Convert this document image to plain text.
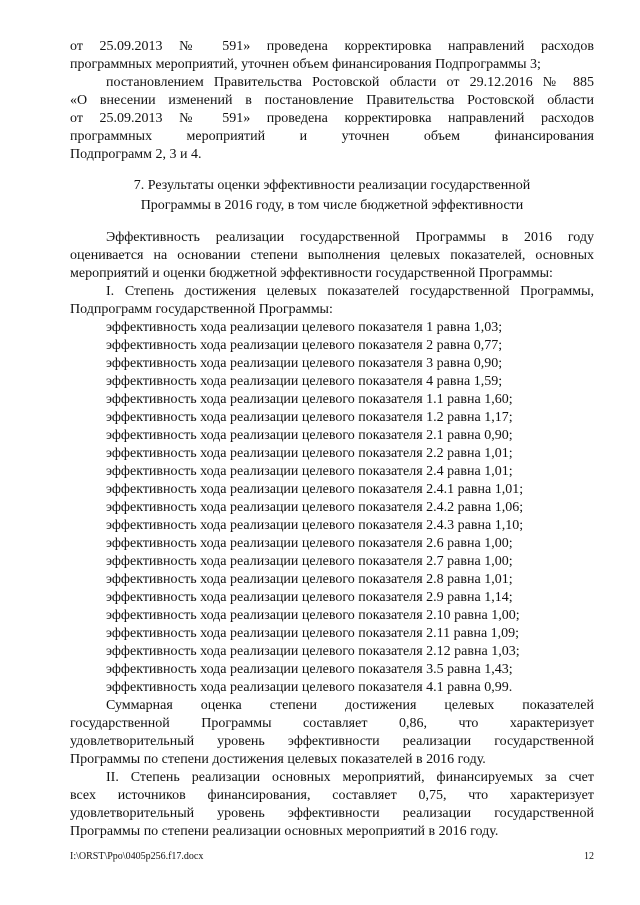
от 25.09.2013 № 591» проведена корректировка направлений расходов

программных мероприятий, уточнен объем финансирования Подпрограммы 3;

постановлением Правительства Ростовской области от 29.12.2016 № 885

«О внесении изменений в постановление Правительства Ростовской области

от 25.09.2013 № 591» проведена корректировка направлений расходов

программных мероприятий и уточнен объем финансирования

Подпрограмм 2, 3 и 4.

7. Результаты оценки эффективности реализации государственной
Программы в 2016 году, в том числе бюджетной эффективности

Эффективность реализации государственной Программы в 2016 году

оценивается на основании степени выполнения целевых показателей, основных

мероприятий и оценки бюджетной эффективности государственной Программы:

I. Степень достижения целевых показателей государственной Программы,

Подпрограмм государственной Программы:

эффективность хода реализации целевого показателя 1 равна 1,03;
эффективность хода реализации целевого показателя 2 равна 0,77;
эффективность хода реализации целевого показателя 3 равна 0,90;
эффективность хода реализации целевого показателя 4 равна 1,59;
эффективность хода реализации целевого показателя 1.1 равна 1,60;
эффективность хода реализации целевого показателя 1.2 равна 1,17;
эффективность хода реализации целевого показателя 2.1 равна 0,90;
эффективность хода реализации целевого показателя 2.2 равна 1,01;
эффективность хода реализации целевого показателя 2.4 равна 1,01;
эффективность хода реализации целевого показателя 2.4.1 равна 1,01;
эффективность хода реализации целевого показателя 2.4.2 равна 1,06;
эффективность хода реализации целевого показателя 2.4.3 равна 1,10;
эффективность хода реализации целевого показателя 2.6 равна 1,00;
эффективность хода реализации целевого показателя 2.7 равна 1,00;
эффективность хода реализации целевого показателя 2.8 равна 1,01;
эффективность хода реализации целевого показателя 2.9 равна 1,14;
эффективность хода реализации целевого показателя 2.10 равна 1,00;
эффективность хода реализации целевого показателя 2.11 равна 1,09;
эффективность хода реализации целевого показателя 2.12 равна 1,03;
эффективность хода реализации целевого показателя 3.5 равна 1,43;
эффективность хода реализации целевого показателя 4.1 равна 0,99.

Суммарная оценка степени достижения целевых показателей

государственной Программы составляет 0,86, что характеризует

удовлетворительный уровень эффективности реализации государственной

Программы по степени достижения целевых показателей в 2016 году.

II. Степень реализации основных мероприятий, финансируемых за счет

всех источников финансирования, составляет 0,75, что характеризует

удовлетворительный уровень эффективности реализации государственной

Программы по степени реализации основных мероприятий в 2016 году.

I:\ORST\Ppo\0405p256.f17.docx	12
